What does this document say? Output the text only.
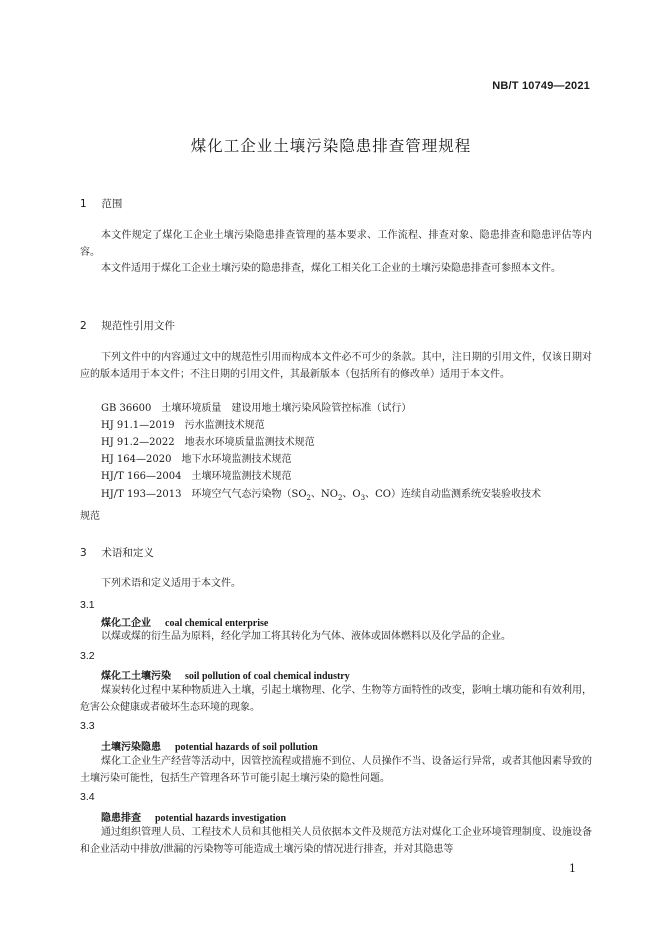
NB/T 10749—2021
煤化工企业土壤污染隐患排查管理规程
1 范围

本文件规定了煤化工企业土壤污染隐患排查管理的基本要求、工作流程、排查对象、隐患排查和隐患评估等内容。

本文件适用于煤化工企业土壤污染的隐患排查，煤化工相关化工企业的土壤污染隐患排查可参照本文件。

2 规范性引用文件

下列文件中的内容通过文中的规范性引用而构成本文件必不可少的条款。其中，注日期的引用文件，仅该日期对应的版本适用于本文件；不注日期的引用文件，其最新版本（包括所有的修改单）适用于本文件。

GB 36600　土壤环境质量　建设用地土壤污染风险管控标准（试行）

HJ 91.1—2019　污水监测技术规范

HJ 91.2—2022　地表水环境质量监测技术规范

HJ 164—2020　地下水环境监测技术规范

HJ/T 166—2004　土壤环境监测技术规范

HJ/T 193—2013　环境空气气态污染物（$SO_2$、$NO_2$、$O_3$、CO）连续自动监测系统安装验收技术

规范
3 术语和定义

下列术语和定义适用于本文件。

3.1
煤化工企业 coal chemical enterprise

以煤或煤的衍生品为原料，经化学加工将其转化为气体、液体或固体燃料以及化学品的企业。

3.2
煤化工土壤污染 soil pollution of coal chemical industry

煤炭转化过程中某种物质进入土壤，引起土壤物理、化学、生物等方面特性的改变，影响土壤功能和有效利用，危害公众健康或者破坏生态环境的现象。

3.3
土壤污染隐患 potential hazards of soil pollution

煤化工企业生产经营等活动中，因管控流程或措施不到位、人员操作不当、设备运行异常，或者其他因素导致的土壤污染可能性，包括生产管理各环节可能引起土壤污染的隐性问题。

3.4
隐患排查 potential hazards investigation

通过组织管理人员、工程技术人员和其他相关人员依据本文件及规范方法对煤化工企业环境管理制度、设施设备和企业活动中排放/泄漏的污染物等可能造成土壤污染的情况进行排查，并对其隐患等

1
